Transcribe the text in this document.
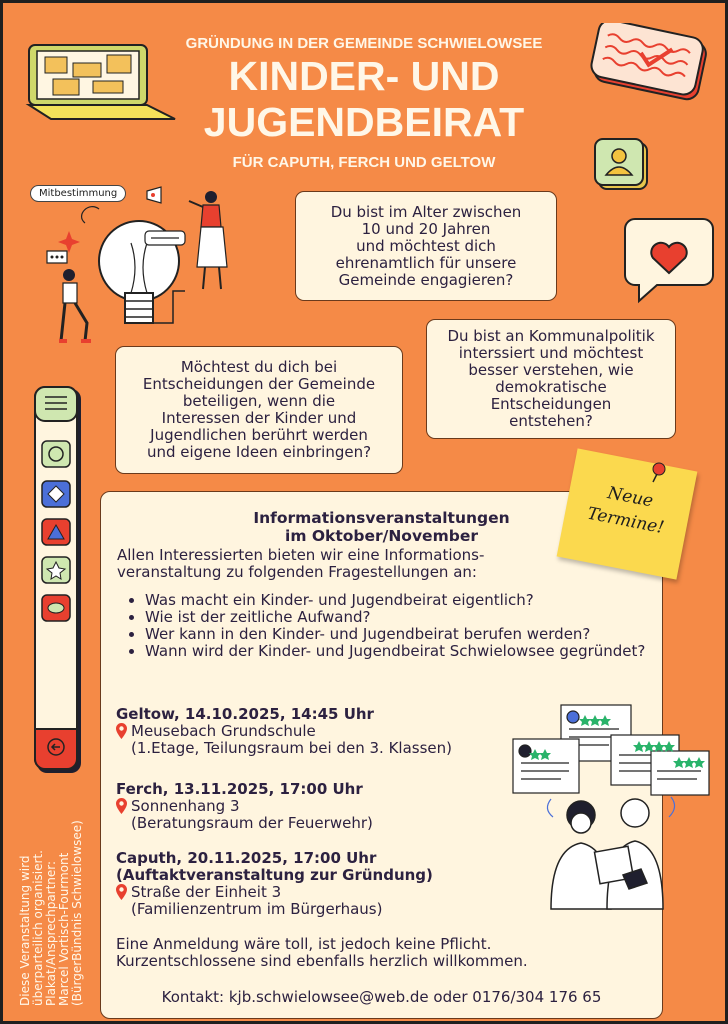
GRÜNDUNG IN DER GEMEINDE SCHWIELOWSEE
KINDER- UND
JUGENDBEIRAT
FÜR CAPUTH, FERCH UND GELTOW
Mitbestimmung
Du bist im Alter zwischen
10 und 20 Jahren
und möchtest dich
ehrenamtlich für unsere
Gemeinde engagieren?
Du bist an Kommunalpolitik
interssiert und möchtest
besser verstehen, wie
demokratische
Entscheidungen
entstehen?
Möchtest du dich bei
Entscheidungen der Gemeinde
beteiligen, wenn die
Interessen der Kinder und
Jugendlichen berührt werden
und eigene Ideen einbringen?
Diese Veranstaltung wird überparteilich organisiert. Plakat/Ansprechpartner: Marcel Vortisch-Fourmont (BürgerBündnis Schwielowsee)
Informationsveranstaltungen
im Oktober/November
Allen Interessierten bieten wir eine Informations-
veranstaltung zu folgenden Fragestellungen an:
• Was macht ein Kinder- und Jugendbeirat eigentlich?
• Wie ist der zeitliche Aufwand?
• Wer kann in den Kinder- und Jugendbeirat berufen werden?
• Wann wird der Kinder- und Jugendbeirat Schwielowsee gegründet?
Geltow, 14.10.2025, 14:45 Uhr
Meusebach Grundschule
(1.Etage, Teilungsraum bei den 3. Klassen)
Ferch, 13.11.2025, 17:00 Uhr
Sonnenhang 3
(Beratungsraum der Feuerwehr)
Caputh, 20.11.2025, 17:00 Uhr
(Auftaktveranstaltung zur Gründung)
Straße der Einheit 3
(Familienzentrum im Bürgerhaus)
Eine Anmeldung wäre toll, ist jedoch keine Pflicht.
Kurzentschlossene sind ebenfalls herzlich willkommen.
Kontakt: kjb.schwielowsee@web.de oder 0176/304 176 65
Neue
Termine!
